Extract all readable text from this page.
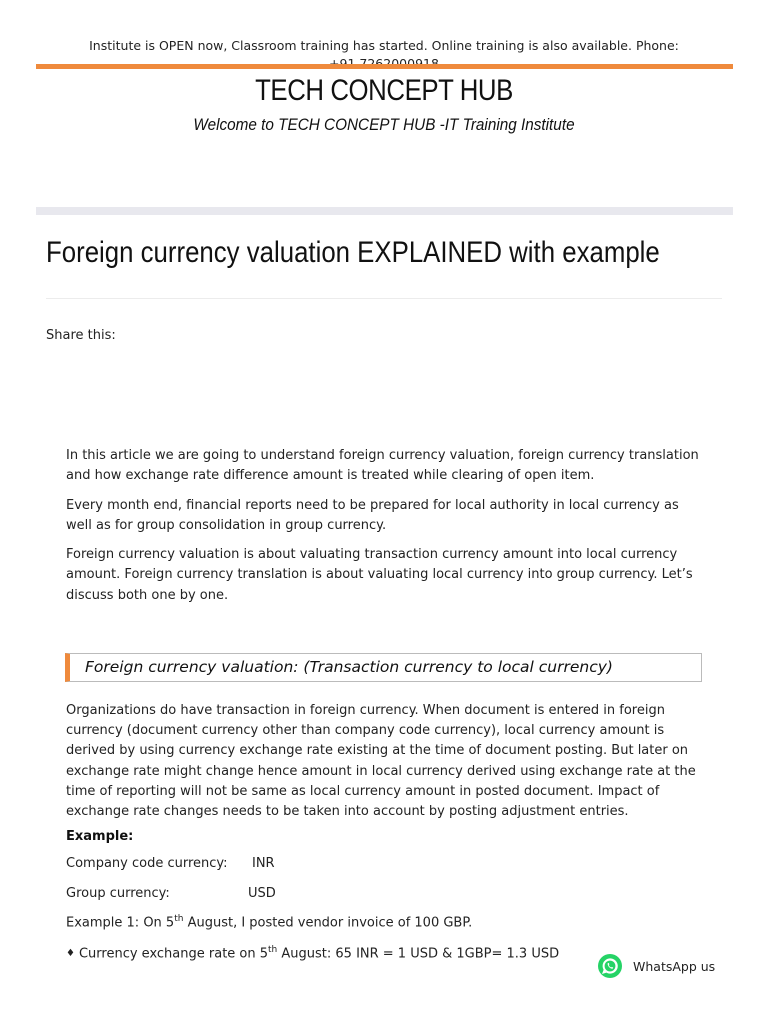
Institute is OPEN now, Classroom training has started. Online training is also available. Phone:
TECH CONCEPT HUB
Welcome to TECH CONCEPT HUB -IT Training Institute
Foreign currency valuation EXPLAINED with example
Share this:

In this article we are going to understand foreign currency valuation, foreign currency translation and how exchange rate difference amount is treated while clearing of open item.

Every month end, financial reports need to be prepared for local authority in local currency as well as for group consolidation in group currency.

Foreign currency valuation is about valuating transaction currency amount into local currency amount. Foreign currency translation is about valuating local currency into group currency. Let’s discuss both one by one.

Foreign currency valuation: (Transaction currency to local currency)

Organizations do have transaction in foreign currency. When document is entered in foreign currency (document currency other than company code currency), local currency amount is derived by using currency exchange rate existing at the time of document posting. But later on exchange rate might change hence amount in local currency derived using exchange rate at the time of reporting will not be same as local currency amount in posted document. Impact of exchange rate changes needs to be taken into account by posting adjustment entries.

Example:
Company code currency: INR
Group currency:	USD
Example 1: On 5th August, I posted vendor invoice of 100 GBP.
♦ Currency exchange rate on 5th August: 65 INR = 1 USD & 1GBP= 1.3 USD
WhatsApp us
